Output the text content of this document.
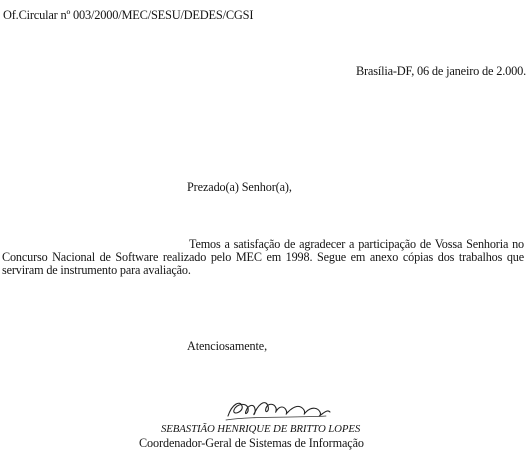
Of.Circular nº 003/2000/MEC/SESU/DEDES/CGSI
Brasília-DF, 06 de janeiro de 2.000.
Prezado(a) Senhor(a),
Temos a satisfação de agradecer a participação de Vossa Senhoria no Concurso Nacional de Software realizado pelo MEC em 1998. Segue em anexo cópias dos trabalhos que serviram de instrumento para avaliação.
Atenciosamente,
SEBASTIÃO HENRIQUE DE BRITTO LOPES
Coordenador-Geral de Sistemas de Informação
